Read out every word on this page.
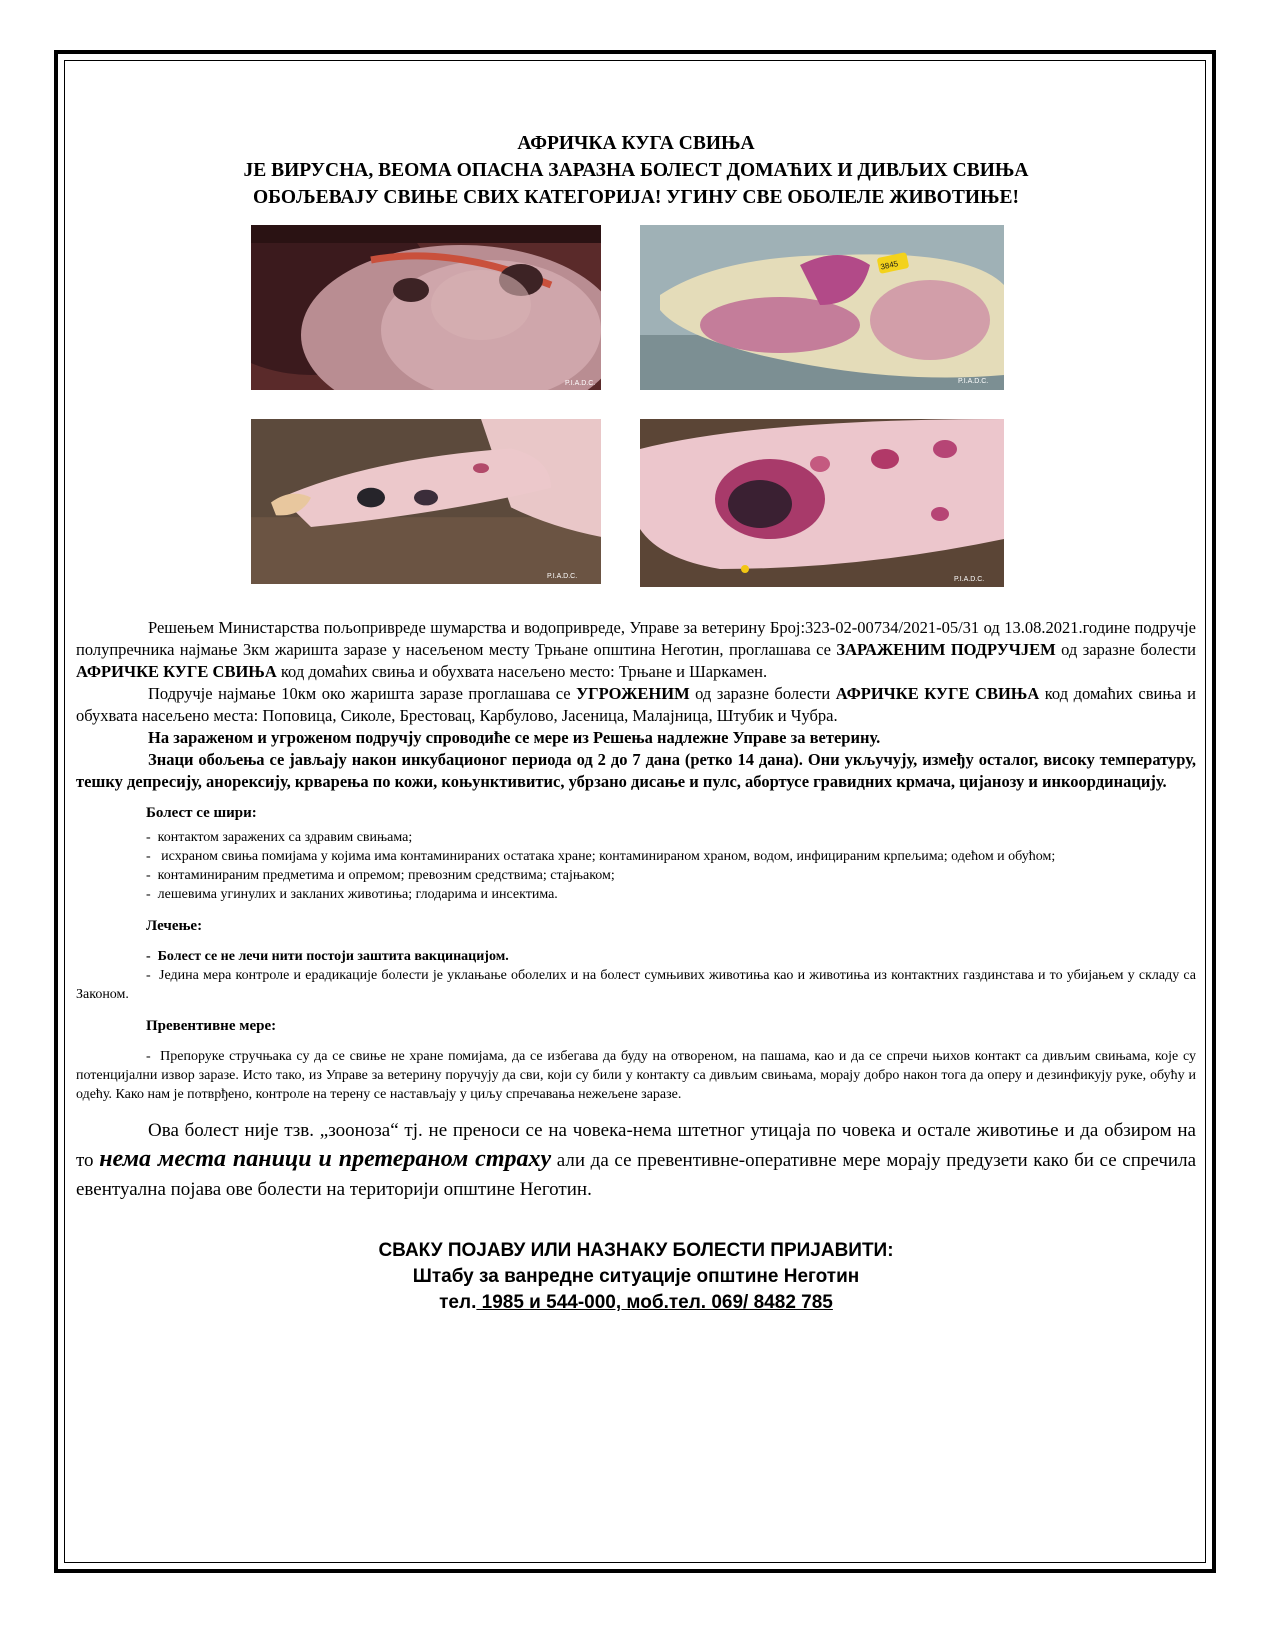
АФРИЧКА КУГА СВИЊА
ЈЕ ВИРУСНА, ВЕОМА ОПАСНА ЗАРАЗНА БОЛЕСТ ДОМАЋИХ И ДИВЉИХ СВИЊА
ОБОЉЕВАЈУ СВИЊЕ СВИХ КАТЕГОРИЈА! УГИНУ СВЕ ОБОЛЕЛЕ ЖИВОТИЊЕ!
P.I.A.D.C.
3845
P.I.A.D.C.
P.I.A.D.C.	P.I.A.D.C.

Решењем Министарства пољопривреде шумарства и водопривреде, Управе за ветерину Број:323-02-00734/2021-05/31 од 13.08.2021.године подручје полупречника најмање 3км жаришта заразе у насељеном месту Трњане општина Неготин, проглашава се ЗАРАЖЕНИМ ПОДРУЧЈЕМ од заразне болести АФРИЧКЕ КУГЕ СВИЊА код домаћих свиња и обухвата насељено место: Трњане и Шаркамен.

Подручје најмање 10км око жаришта заразе проглашава се УГРОЖЕНИМ од заразне болести АФРИЧКЕ КУГЕ СВИЊА код домаћих свиња и обухвата насељено места: Поповица, Сиколе, Брестовац, Карбулово, Јасеница, Малајница, Штубик и Чубра.

На зараженом и угроженом подручју спроводиће се мере из Решења надлежне Управе за ветерину.

Знаци обољења се јављају након инкубационог периода од 2 до 7 дана (ретко 14 дана). Они укључују, између осталог, високу температуру, тешку депресију, анорексију, крварења по кожи, коњунктивитис, убрзано дисање и пулс, абортусе гравидних крмача, цијанозу и инкоординацију.

Болест се шири:

-  контактом заражених са здравим свињама;

-   исхраном свиња помијама у којима има контаминираних остатака хране; контаминираном храном, водом, инфицираним крпељима; одећом и обућом;

-  контаминираним предметима и опремом; превозним средствима; стајњаком;

-  лешевима угинулих и закланих животиња; глодарима и инсектима.

Лечење:

-  Болест се не лечи нити постоји заштита вакцинацијом.

-  Једина мера контроле и ерадикације болести је уклањање оболелих и на болест сумњивих животиња као и животиња из контактних газдинстава и то убијањем у складу са Законом.

Превентивне мере:

-  Препоруке стручњака су да се свиње не хране помијама, да се избегава да буду на отвореном, на пашама, као и да се спречи њихов контакт са дивљим свињама, које су потенцијални извор заразе. Исто тако, из Управе за ветерину поручују да сви, који су били у контакту са дивљим свињама, морају добро након тога да оперу и дезинфикују руке, обућу и одећу. Како нам је потврђено, контроле на терену се настављају у циљу спречавања нежељене заразе.

Ова болест није тзв. „зооноза“ тј. не преноси се на човека-нема штетног утицаја по човека и остале животиње и да обзиром на то нема места паници и претераном страху али да се превентивне-оперативне мере морају предузети како би се спречила евентуална појава ове болести на територији општине Неготин.

СВАКУ ПОЈАВУ ИЛИ НАЗНАКУ БОЛЕСТИ ПРИЈАВИТИ:
Штабу за ванредне ситуације општине Неготин
тел. 1985 и 544-000, моб.тел. 069/ 8482 785
